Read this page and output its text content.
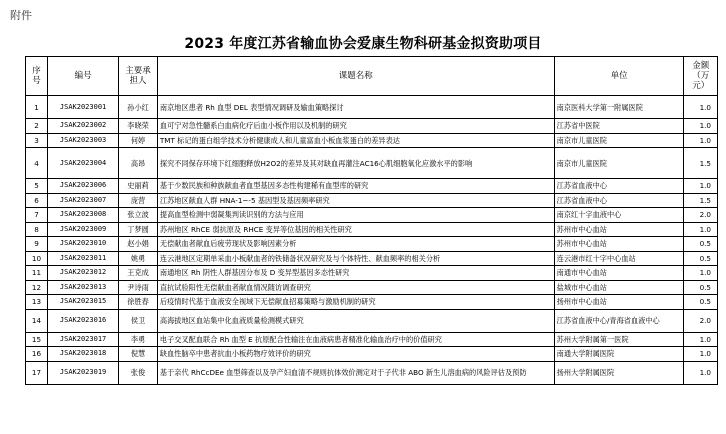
附件
2023 年度江苏省输血协会爱康生物科研基金拟资助项目
序号	编号	主要承担人	课题名称	单位	金额（万元）
1	JSAK2023001	孙小红	南京地区患者 Rh 血型 DEL 表型情况调研及输血策略探讨	南京医科大学第一附属医院	1.0
2	JSAK2023002	李晓荣	血可宁对急性髓系白血病化疗后血小板作用以及机制的研究	江苏省中医院	1.0
3	JSAK2023003	何婷	TMT 标记的蛋白组学技术分析健康成人和儿童富血小板血浆蛋白的差异表达	南京市儿童医院	1.0
4	JSAK2023004	高昂	探究不同保存环境下红细胞释放H2O2的差异及其对缺血再灌注AC16心肌细胞氧化应激水平的影响	南京市儿童医院	1.5
5	JSAK2023006	史丽莉	基于少数民族和种族献血者血型基因多态性构建稀有血型库的研究	江苏省血液中心	1.0
6	JSAK2023007	庞营	江苏地区献血人群 HNA-1~-5 基因型及基因频率研究	江苏省血液中心	1.5
7	JSAK2023008	张立波	提高血型检测中弱凝集判读识别的方法与应用	南京红十字血液中心	2.0
8	JSAK2023009	丁梦圆	苏州地区 RhCE 弱抗原及 RHCE 变异等位基因的相关性研究	苏州市中心血站	1.0
9	JSAK2023010	赵小娟	无偿献血者献血后疲劳现状及影响因素分析	苏州市中心血站	0.5
10	JSAK2023011	姚勇	连云港地区定期单采血小板献血者的铁储备状况研究及与个体特性、献血频率的相关分析	连云港市红十字中心血站	0.5
11	JSAK2023012	王克成	南通地区 Rh 阴性人群基因分布及 D 变异型基因多态性研究	南通市中心血站	1.0
12	JSAK2023013	尹诗雨	直抗试验阳性无偿献血者献血情况随访调查研究	盐城市中心血站	0.5
13	JSAK2023015	徐胜春	后疫情时代基于血液安全视域下无偿献血招募策略与激励机制的研究	扬州市中心血站	0.5
14	JSAK2023016	侯卫	高海拔地区血站集中化血液质量检测模式研究	江苏省血液中心/青海省血液中心	2.0
15	JSAK2023017	李勇	电子交叉配血联合 Rh 血型 E 抗原配合性输注在血液病患者精准化输血治疗中的价值研究	苏州大学附属第一医院	1.0
16	JSAK2023018	倪慧	缺血性脑卒中患者抗血小板药物疗效评价的研究	南通大学附属医院	1.0
17	JSAK2023019	张俊	基于亲代 RhCcDEe 血型筛查以及孕产妇血清不规则抗体效价测定对于子代非 ABO 新生儿溶血病的风险评估及预防	扬州大学附属医院	1.0
